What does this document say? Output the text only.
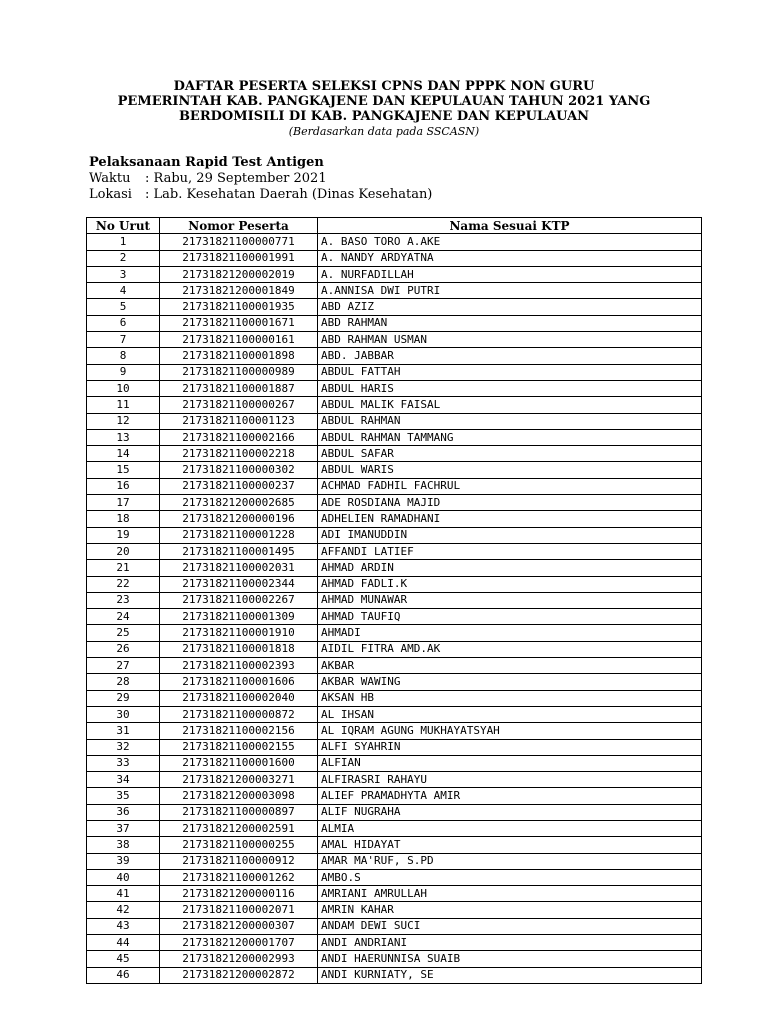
DAFTAR PESERTA SELEKSI CPNS DAN PPPK NON GURU
PEMERINTAH KAB. PANGKAJENE DAN KEPULAUAN TAHUN 2021 YANG
BERDOMISILI DI KAB. PANGKAJENE DAN KEPULAUAN
(Berdasarkan data pada SSCASN)
Pelaksanaan Rapid Test Antigen
Waktu : Rabu, 29 September 2021
Lokasi : Lab. Kesehatan Daerah (Dinas Kesehatan)
No Urut	Nomor Peserta	Nama Sesuai KTP
1	21731821100000771	A. BASO TORO A.AKE
2	21731821100001991	A. NANDY ARDYATNA
3	21731821200002019	A. NURFADILLAH
4	21731821200001849	A.ANNISA DWI PUTRI
5	21731821100001935	ABD AZIZ
6	21731821100001671	ABD RAHMAN
7	21731821100000161	ABD RAHMAN USMAN
8	21731821100001898	ABD. JABBAR
9	21731821100000989	ABDUL FATTAH
10	21731821100001887	ABDUL HARIS
11	21731821100000267	ABDUL MALIK FAISAL
12	21731821100001123	ABDUL RAHMAN
13	21731821100002166	ABDUL RAHMAN TAMMANG
14	21731821100002218	ABDUL SAFAR
15	21731821100000302	ABDUL WARIS
16	21731821100000237	ACHMAD FADHIL FACHRUL
17	21731821200002685	ADE ROSDIANA MAJID
18	21731821200000196	ADHELIEN RAMADHANI
19	21731821100001228	ADI IMANUDDIN
20	21731821100001495	AFFANDI LATIEF
21	21731821100002031	AHMAD ARDIN
22	21731821100002344	AHMAD FADLI.K
23	21731821100002267	AHMAD MUNAWAR
24	21731821100001309	AHMAD TAUFIQ
25	21731821100001910	AHMADI
26	21731821100001818	AIDIL FITRA AMD.AK
27	21731821100002393	AKBAR
28	21731821100001606	AKBAR WAWING
29	21731821100002040	AKSAN HB
30	21731821100000872	AL IHSAN
31	21731821100002156	AL IQRAM AGUNG MUKHAYATSYAH
32	21731821100002155	ALFI SYAHRIN
33	21731821100001600	ALFIAN
34	21731821200003271	ALFIRASRI RAHAYU
35	21731821200003098	ALIEF PRAMADHYTA AMIR
36	21731821100000897	ALIF NUGRAHA
37	21731821200002591	ALMIA
38	21731821100000255	AMAL HIDAYAT
39	21731821100000912	AMAR MA'RUF, S.PD
40	21731821100001262	AMBO.S
41	21731821200000116	AMRIANI AMRULLAH
42	21731821100002071	AMRIN KAHAR
43	21731821200000307	ANDAM DEWI SUCI
44	21731821200001707	ANDI ANDRIANI
45	21731821200002993	ANDI HAERUNNISA SUAIB
46	21731821200002872	ANDI KURNIATY, SE
